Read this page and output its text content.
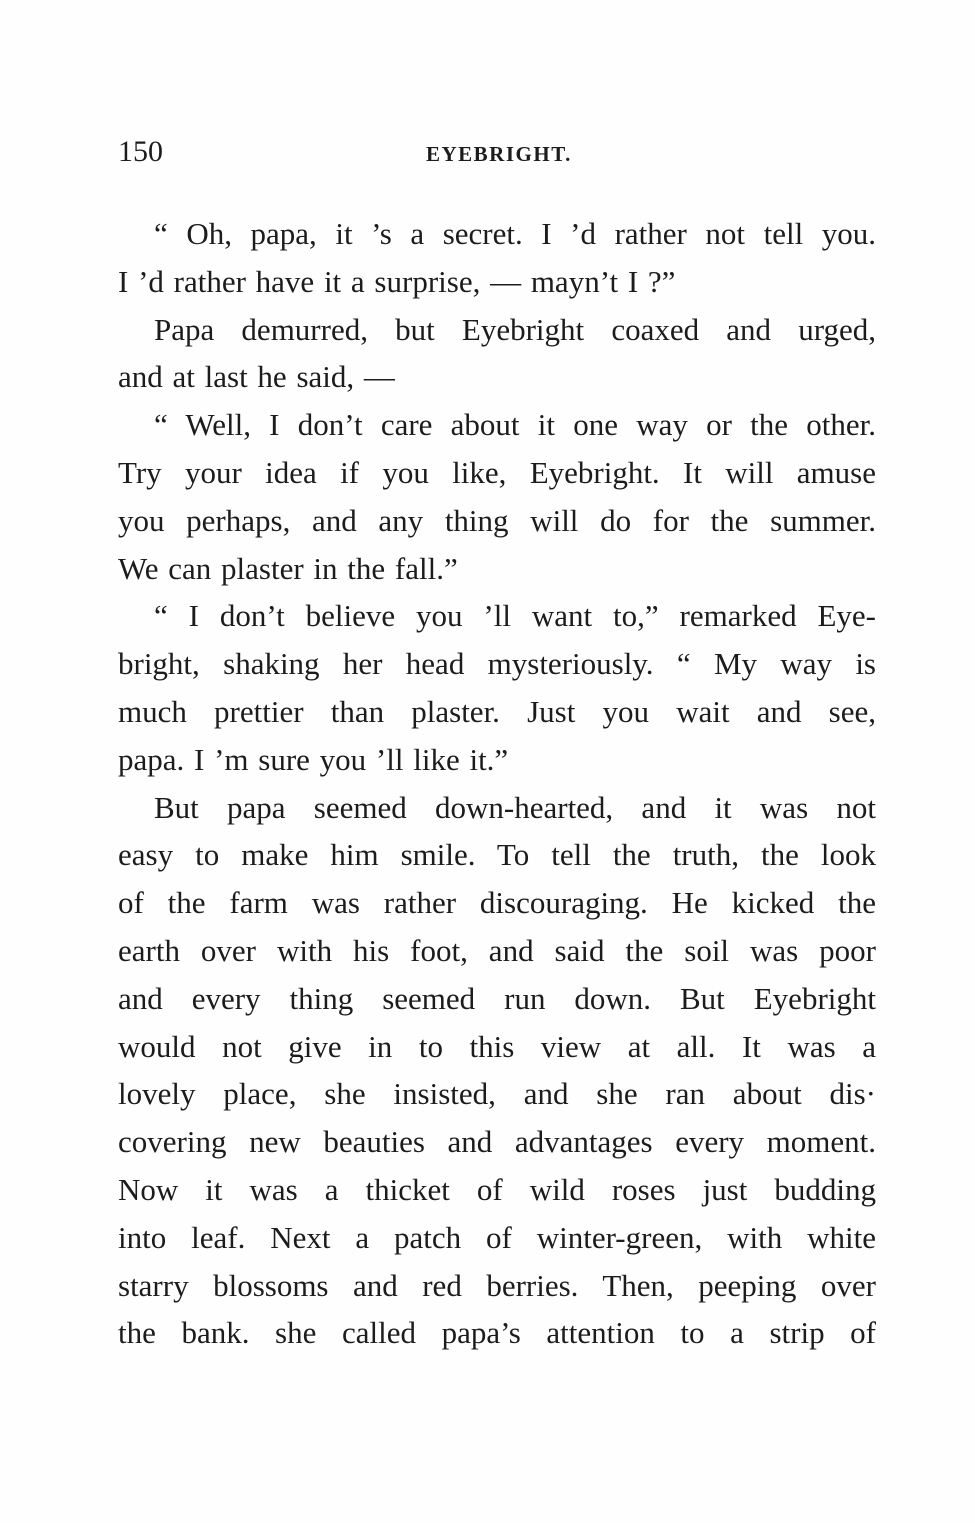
150	EYEBRIGHT.
“ Oh, papa, it ’s a secret. I ’d rather not tell you.
I ’d rather have it a surprise, — mayn’t I ?”
Papa demurred, but Eyebright coaxed and urged,
and at last he said, —
“ Well, I don’t care about it one way or the other.
Try your idea if you like, Eyebright. It will amuse
you perhaps, and any thing will do for the summer.
We can plaster in the fall.”
“ I don’t believe you ’ll want to,” remarked Eye-
bright, shaking her head mysteriously. “ My way is
much prettier than plaster. Just you wait and see,
papa. I ’m sure you ’ll like it.”
But papa seemed down-hearted, and it was not
easy to make him smile. To tell the truth, the look
of the farm was rather discouraging. He kicked the
earth over with his foot, and said the soil was poor
and every thing seemed run down. But Eyebright
would not give in to this view at all. It was a
lovely place, she insisted, and she ran about dis·
covering new beauties and advantages every moment.
Now it was a thicket of wild roses just budding
into leaf. Next a patch of winter-green, with white
starry blossoms and red berries. Then, peeping over
the bank. she called papa’s attention to a strip of
